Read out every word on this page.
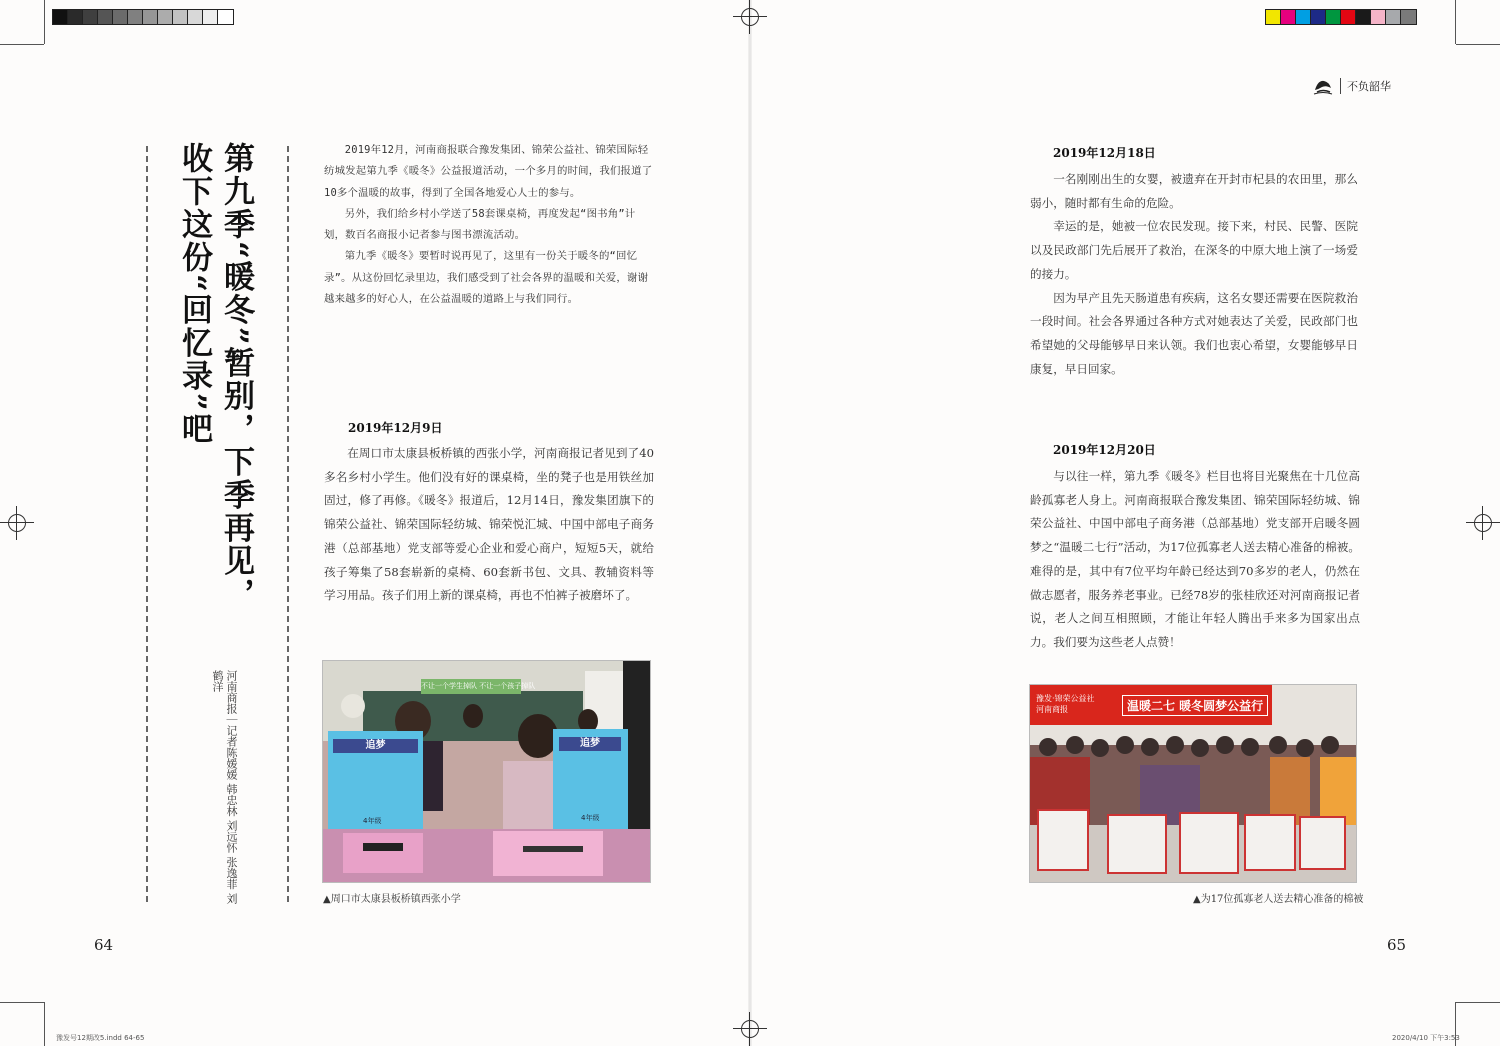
不负韶华
第九季“暖冬”暂别，下季再见，
收下这份“回忆录”吧
河南商报｜记者陈媛媛 韩忠林 刘远怀 张逸菲 刘鹤洋

2019年12月，河南商报联合豫发集团、锦荣公益社、锦荣国际轻纺城发起第九季《暖冬》公益报道活动，一个多月的时间，我们报道了10多个温暖的故事，得到了全国各地爱心人士的参与。

另外，我们给乡村小学送了58套课桌椅，再度发起“图书角”计划，数百名商报小记者参与图书漂流活动。

第九季《暖冬》要暂时说再见了，这里有一份关于暖冬的“回忆录”。从这份回忆录里边，我们感受到了社会各界的温暖和关爱，谢谢越来越多的好心人，在公益温暖的道路上与我们同行。

2019年12月9日

在周口市太康县板桥镇的西张小学，河南商报记者见到了40多名乡村小学生。他们没有好的课桌椅，坐的凳子也是用铁丝加固过，修了再修。《暖冬》报道后，12月14日，豫发集团旗下的锦荣公益社、锦荣国际轻纺城、锦荣悦汇城、中国中部电子商务港（总部基地）党支部等爱心企业和爱心商户，短短5天，就给孩子筹集了58套崭新的桌椅、60套新书包、文具、教辅资料等学习用品。孩子们用上新的课桌椅，再也不怕裤子被磨坏了。

不让一个学生掉队 不让一个孩子掉队
追梦	追梦
4年级	4年级
▲周口市太康县板桥镇西张小学
2019年12月18日

一名刚刚出生的女婴，被遗弃在开封市杞县的农田里，那么弱小，随时都有生命的危险。

幸运的是，她被一位农民发现。接下来，村民、民警、医院以及民政部门先后展开了救治，在深冬的中原大地上演了一场爱的接力。

因为早产且先天肠道患有疾病，这名女婴还需要在医院救治一段时间。社会各界通过各种方式对她表达了关爱，民政部门也希望她的父母能够早日来认领。我们也衷心希望，女婴能够早日康复，早日回家。

2019年12月20日

与以往一样，第九季《暖冬》栏目也将目光聚焦在十几位高龄孤寡老人身上。河南商报联合豫发集团、锦荣国际轻纺城、锦荣公益社、中国中部电子商务港（总部基地）党支部开启暖冬圆梦之“温暖二七行”活动，为17位孤寡老人送去精心准备的棉被。难得的是，其中有7位平均年龄已经达到70多岁的老人，仍然在做志愿者，服务养老事业。已经78岁的张桂欣还对河南商报记者说，老人之间互相照顾，才能让年轻人腾出手来多为国家出点力。我们要为这些老人点赞！

豫发·锦荣公益社
河南商报	温暖二七 暖冬圆梦公益行
▲为17位孤寡老人送去精心准备的棉被
64	65
豫发号12期改5.indd 64-65	2020/4/10 下午3:53
